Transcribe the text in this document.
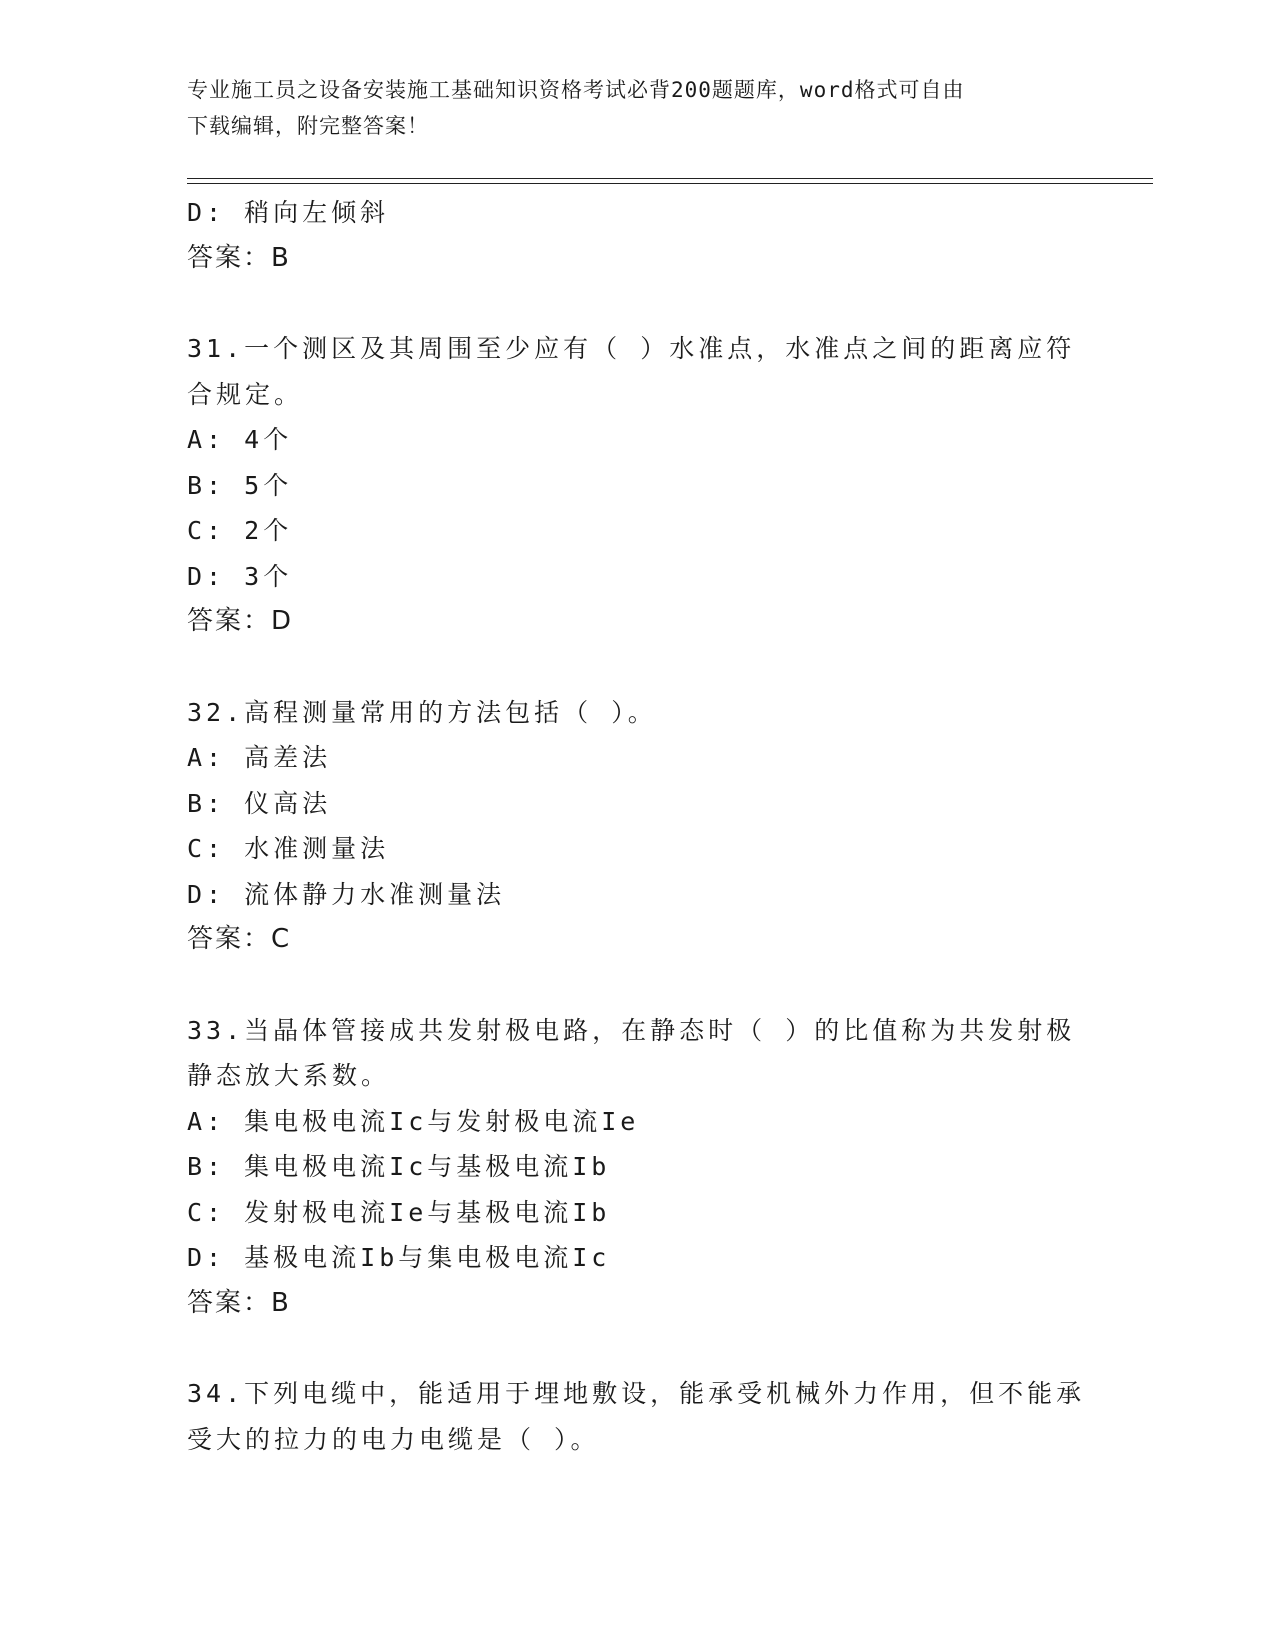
专业施工员之设备安装施工基础知识资格考试必背200题题库，word格式可自由
下载编辑，附完整答案！
D: 稍向左倾斜
答案：B
31.一个测区及其周围至少应有（ ）水准点，水准点之间的距离应符
合规定。
A: 4个
B: 5个
C: 2个
D: 3个
答案：D
32.高程测量常用的方法包括（ ）。
A: 高差法
B: 仪高法
C: 水准测量法
D: 流体静力水准测量法
答案：C
33.当晶体管接成共发射极电路，在静态时（ ）的比值称为共发射极
静态放大系数。
A: 集电极电流Ic与发射极电流Ie
B: 集电极电流Ic与基极电流Ib
C: 发射极电流Ie与基极电流Ib
D: 基极电流Ib与集电极电流Ic
答案：B
34.下列电缆中，能适用于埋地敷设，能承受机械外力作用，但不能承
受大的拉力的电力电缆是（ ）。
